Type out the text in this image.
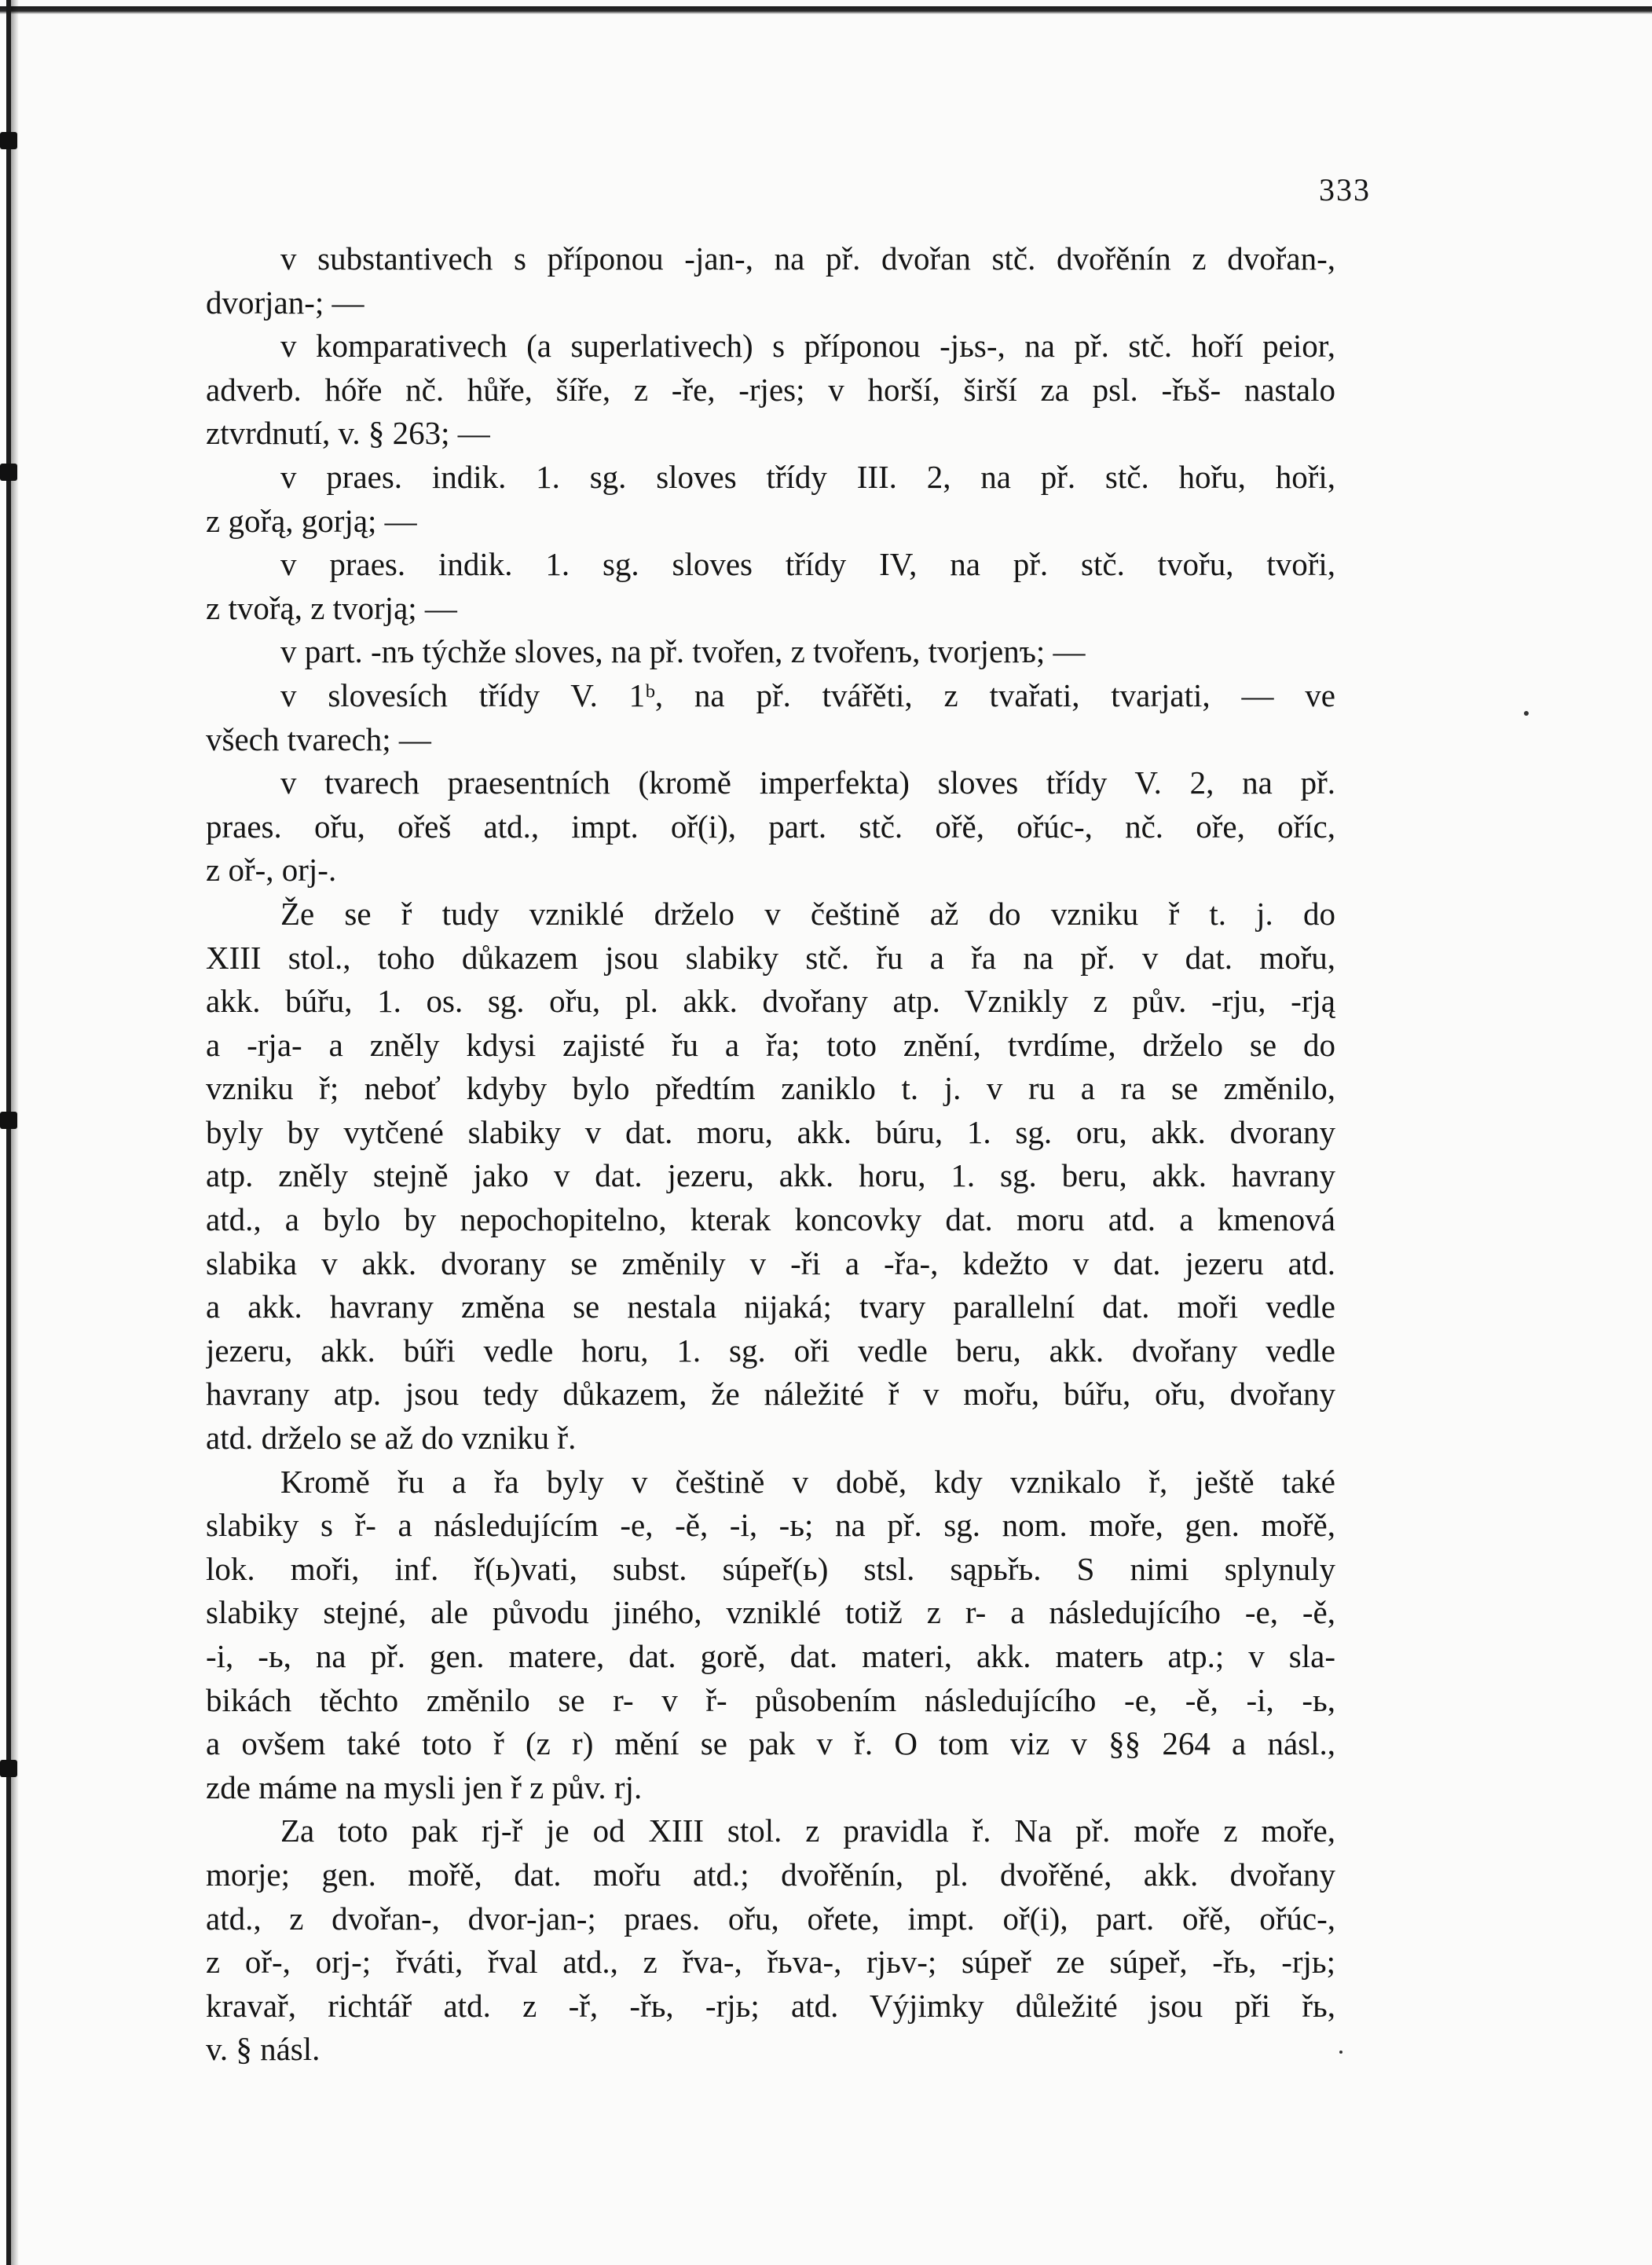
333
v substantivech s příponou -jan-, na př. dvořan stč. dvořěnín z dvořan-,
dvorjan-; —
v komparativech (a superlativech) s příponou -jьs-, na př. stč. hoří peior,
adverb. hóře nč. hůře, šíře, z -ře, -rjes; v horší, širší za psl. -řьš- nastalo
ztvrdnutí, v. § 263; —
v praes. indik. 1. sg. sloves třídy III. 2, na př. stč. hořu, hoři,
z gořą, gorją; —
v praes. indik. 1. sg. sloves třídy IV, na př. stč. tvořu, tvoři,
z tvořą, z tvorją; —
v part. -nъ týchže sloves, na př. tvořen, z tvořenъ, tvorjenъ; —
v slovesích třídy V. 1ᵇ, na př. tvářěti, z tvařati, tvarjati, — ve
všech tvarech; —
v tvarech praesentních (kromě imperfekta) sloves třídy V. 2, na př.
praes. ořu, ořeš atd., impt. oř(i), part. stč. ořě, ořúc-, nč. oře, oříc,
z oř-, orj-.
Že se ř tudy vzniklé drželo v češtině až do vzniku ř t. j. do
XIII stol., toho důkazem jsou slabiky stč. řu a řa na př. v dat. mořu,
akk. búřu, 1. os. sg. ořu, pl. akk. dvořany atp. Vznikly z pův. -rju, -rją
a -rja- a zněly kdysi zajisté řu a řa; toto znění, tvrdíme, drželo se do
vzniku ř; neboť kdyby bylo předtím zaniklo t. j. v ru a ra se změnilo,
byly by vytčené slabiky v dat. moru, akk. búru, 1. sg. oru, akk. dvorany
atp. zněly stejně jako v dat. jezeru, akk. horu, 1. sg. beru, akk. havrany
atd., a bylo by nepochopitelno, kterak koncovky dat. moru atd. a kmenová
slabika v akk. dvorany se změnily v -ři a -řa-, kdežto v dat. jezeru atd.
a akk. havrany změna se nestala nijaká; tvary parallelní dat. moři vedle
jezeru, akk. búři vedle horu, 1. sg. oři vedle beru, akk. dvořany vedle
havrany atp. jsou tedy důkazem, že náležité ř v mořu, búřu, ořu, dvořany
atd. drželo se až do vzniku ř.
Kromě řu a řa byly v češtině v době, kdy vznikalo ř, ještě také
slabiky s ř- a následujícím -e, -ě, -i, -ь; na př. sg. nom. moře, gen. mořě,
lok. moři, inf. ř(ь)vati, subst. súpeř(ь) stsl. sąpьřь. S nimi splynuly
slabiky stejné, ale původu jiného, vzniklé totiž z r- a následujícího -e, -ě,
-i, -ь, na př. gen. matere, dat. gorě, dat. materi, akk. materь atp.; v sla-
bikách těchto změnilo se r- v ř- působením následujícího -e, -ě, -i, -ь,
a ovšem také toto ř (z r) mění se pak v ř. O tom viz v §§ 264 a násl.,
zde máme na mysli jen ř z pův. rj.
Za toto pak rj-ř je od XIII stol. z pravidla ř. Na př. moře z moře,
morje; gen. mořě, dat. mořu atd.; dvořěnín, pl. dvořěné, akk. dvořany
atd., z dvořan-, dvor-jan-; praes. ořu, ořete, impt. oř(i), part. ořě, ořúc-,
z oř-, orj-; řváti, řval atd., z řva-, řьva-, rjьv-; súpeř ze súpeř, -řь, -rjь;
kravař, richtář atd. z -ř, -řь, -rjь; atd. Výjimky důležité jsou při řь,
v. § násl.
